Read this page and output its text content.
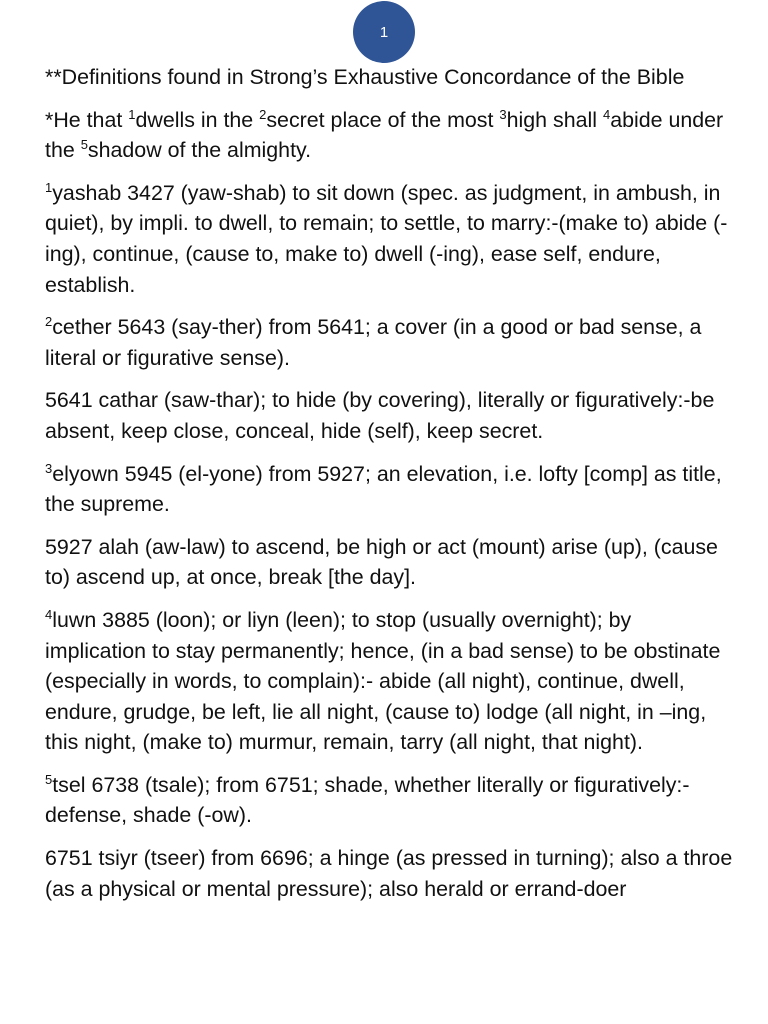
1

**Definitions found in Strong’s Exhaustive Concordance of the Bible

*He that $^1$dwells in the $^2$secret place of the most $^3$high shall $^4$abide under the $^5$shadow of the almighty.

$^1$yashab 3427 (yaw-shab) to sit down (spec. as judgment, in ambush, in quiet), by impli. to dwell, to remain; to settle, to marry:-(make to) abide (-ing), continue, (cause to, make to) dwell (-ing), ease self, endure, establish.

$^2$cether 5643 (say-ther) from 5641; a cover (in a good or bad sense, a literal or figurative sense).

5641 cathar (saw-thar); to hide (by covering), literally or figuratively:-be absent, keep close, conceal, hide (self), keep secret.

$^3$elyown 5945 (el-yone) from 5927; an elevation, i.e. lofty [comp] as title, the supreme.

5927 alah (aw-law) to ascend, be high or act (mount) arise (up), (cause to) ascend up, at once, break [the day].

$^4$luwn 3885 (loon); or liyn (leen); to stop (usually overnight); by implication to stay permanently; hence, (in a bad sense) to be obstinate (especially in words, to complain):- abide (all night), continue, dwell, endure, grudge, be left, lie all night, (cause to) lodge (all night, in –ing, this night, (make to) murmur, remain, tarry (all night, that night).

$^5$tsel 6738 (tsale); from 6751; shade, whether literally or figuratively:- defense, shade (-ow).

6751 tsiyr (tseer) from 6696; a hinge (as pressed in turning); also a throe (as a physical or mental pressure); also herald or errand-doer
